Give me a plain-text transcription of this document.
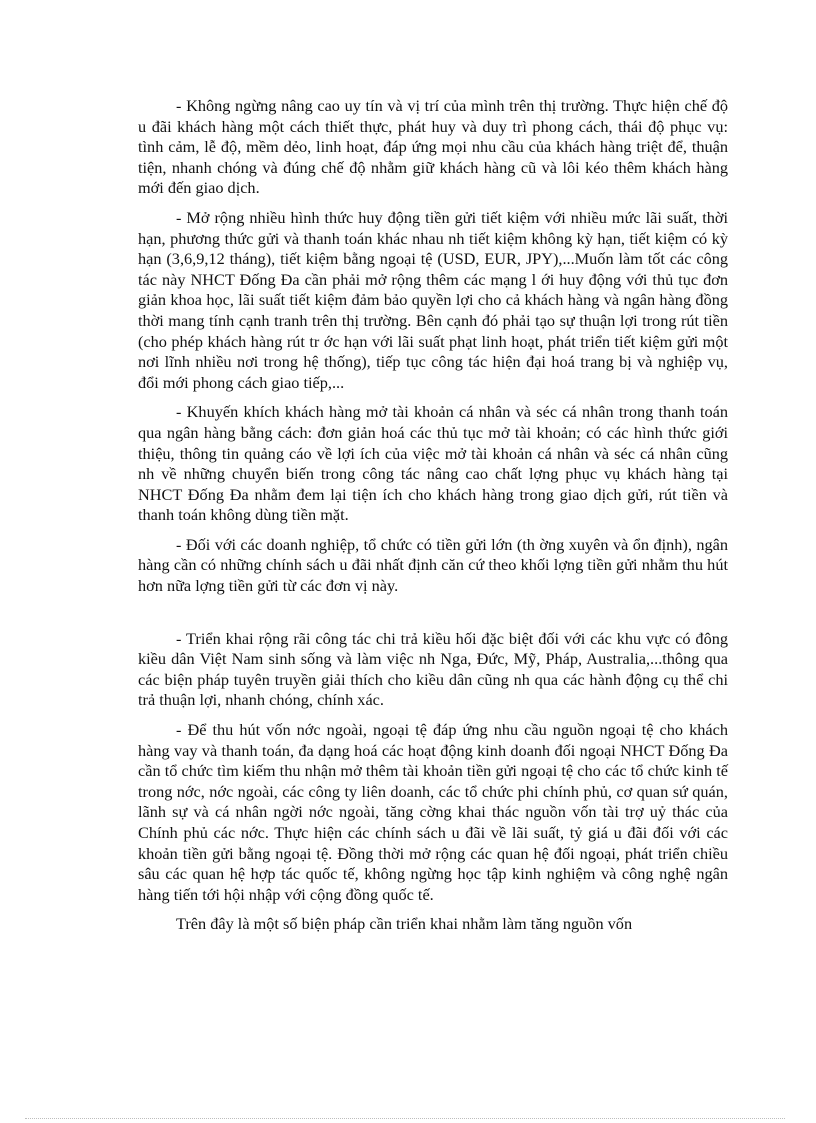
- Không ngừng nâng cao uy tín và vị trí của mình trên thị trường. Thực hiện chế độ u đãi khách hàng một cách thiết thực, phát huy và duy trì phong cách, thái độ phục vụ: tình cảm, lễ độ, mềm dẻo, linh hoạt, đáp ứng mọi nhu cầu của khách hàng triệt để, thuận tiện, nhanh chóng và đúng chế độ nhằm giữ khách hàng cũ và lôi kéo thêm khách hàng mới đến giao dịch.

- Mở rộng nhiều hình thức huy động tiền gửi tiết kiệm với nhiều mức lãi suất, thời hạn, phương thức gửi và thanh toán khác nhau nh tiết kiệm không kỳ hạn, tiết kiệm có kỳ hạn (3,6,9,12 tháng), tiết kiệm bằng ngoại tệ (USD, EUR, JPY),...Muốn làm tốt các công tác này NHCT Đống Đa cần phải mở rộng thêm các mạng l ới huy động với thủ tục đơn giản khoa học, lãi suất tiết kiệm đảm bảo quyền lợi cho cả khách hàng và ngân hàng đồng thời mang tính cạnh tranh trên thị trường. Bên cạnh đó phải tạo sự thuận lợi trong rút tiền (cho phép khách hàng rút tr ớc hạn với lãi suất phạt linh hoạt, phát triển tiết kiệm gửi một nơi lĩnh nhiều nơi trong hệ thống), tiếp tục công tác hiện đại hoá trang bị và nghiệp vụ, đổi mới phong cách giao tiếp,...

- Khuyến khích khách hàng mở tài khoản cá nhân và séc cá nhân trong thanh toán qua ngân hàng bằng cách: đơn giản hoá các thủ tục mở tài khoản; có các hình thức giới thiệu, thông tin quảng cáo về lợi ích của việc mở tài khoản cá nhân và séc cá nhân cũng nh về những chuyển biến trong công tác nâng cao chất lợng phục vụ khách hàng tại NHCT Đống Đa nhằm đem lại tiện ích cho khách hàng trong giao dịch gửi, rút tiền và thanh toán không dùng tiền mặt.

- Đối với các doanh nghiệp, tổ chức có tiền gửi lớn (th ờng xuyên và ổn định), ngân hàng cần có những chính sách u đãi nhất định căn cứ theo khối lợng tiền gửi nhằm thu hút hơn nữa lợng tiền gửi từ các đơn vị này.

- Triển khai rộng rãi công tác chi trả kiều hối đặc biệt đối với các khu vực có đông kiều dân Việt Nam sinh sống và làm việc nh Nga, Đức, Mỹ, Pháp, Australia,...thông qua các biện pháp tuyên truyền giải thích cho kiều dân cũng nh qua các hành động cụ thể chi trả thuận lợi, nhanh chóng, chính xác.

- Để thu hút vốn nớc ngoài, ngoại tệ đáp ứng nhu cầu nguồn ngoại tệ cho khách hàng vay và thanh toán, đa dạng hoá các hoạt động kinh doanh đối ngoại NHCT Đống Đa cần tổ chức tìm kiếm thu nhận mở thêm tài khoản tiền gửi ngoại tệ cho các tổ chức kinh tế trong nớc, nớc ngoài, các công ty liên doanh, các tổ chức phi chính phủ, cơ quan sứ quán, lãnh sự và cá nhân ngời nớc ngoài, tăng cờng khai thác nguồn vốn tài trợ uỷ thác của Chính phủ các nớc. Thực hiện các chính sách u đãi về lãi suất, tỷ giá u đãi đối với các khoản tiền gửi bằng ngoại tệ. Đồng thời mở rộng các quan hệ đối ngoại, phát triển chiều sâu các quan hệ hợp tác quốc tế, không ngừng học tập kinh nghiệm và công nghệ ngân hàng tiến tới hội nhập với cộng đồng quốc tế.

Trên đây là một số biện pháp cần triển khai nhằm làm tăng nguồn vốn
